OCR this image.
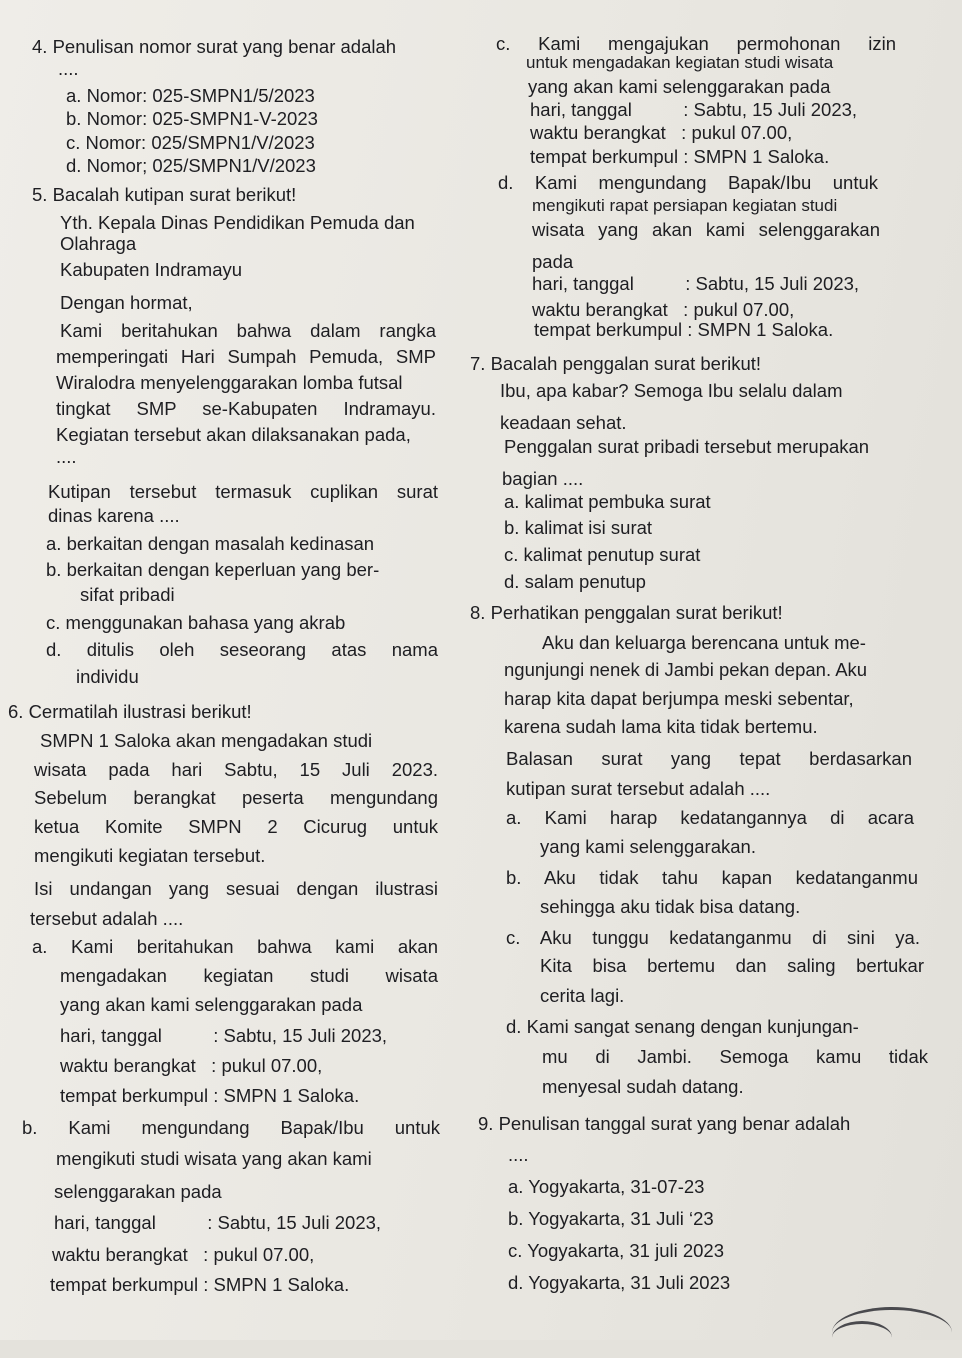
4. Penulisan nomor surat yang benar adalah
....
a. Nomor: 025-SMPN1/5/2023
b. Nomor: 025-SMPN1-V-2023
c. Nomor: 025/SMPN1/V/2023
d. Nomor; 025/SMPN1/V/2023
5. Bacalah kutipan surat berikut!
Yth. Kepala Dinas Pendidikan Pemuda dan
Olahraga
Kabupaten Indramayu
Dengan hormat,
Kami beritahukan bahwa dalam rangka
memperingati Hari Sumpah Pemuda, SMP
Wiralodra menyelenggarakan lomba futsal
tingkat SMP se-Kabupaten Indramayu.
Kegiatan tersebut akan dilaksanakan pada,
....
Kutipan tersebut termasuk cuplikan surat
dinas karena ....
a. berkaitan dengan masalah kedinasan
b. berkaitan dengan keperluan yang ber-
sifat pribadi
c. menggunakan bahasa yang akrab
d. ditulis oleh seseorang atas nama
individu
6. Cermatilah ilustrasi berikut!
SMPN 1 Saloka akan mengadakan studi
wisata pada hari Sabtu, 15 Juli 2023.
Sebelum berangkat peserta mengundang
ketua Komite SMPN 2 Cicurug untuk
mengikuti kegiatan tersebut.
Isi undangan yang sesuai dengan ilustrasi
tersebut adalah ....
a. Kami beritahukan bahwa kami akan
mengadakan kegiatan studi wisata
yang akan kami selenggarakan pada
hari, tanggal          : Sabtu, 15 Juli 2023,
waktu berangkat   : pukul 07.00,
tempat berkumpul : SMPN 1 Saloka.
b. Kami mengundang Bapak/Ibu untuk
mengikuti studi wisata yang akan kami
selenggarakan pada
hari, tanggal          : Sabtu, 15 Juli 2023,
waktu berangkat   : pukul 07.00,
tempat berkumpul : SMPN 1 Saloka.
c. Kami mengajukan permohonan izin
untuk mengadakan kegiatan studi wisata
yang akan kami selenggarakan pada
hari, tanggal          : Sabtu, 15 Juli 2023,
waktu berangkat   : pukul 07.00,
tempat berkumpul : SMPN 1 Saloka.
d. Kami mengundang Bapak/Ibu untuk
mengikuti rapat persiapan kegiatan studi
wisata yang akan kami selenggarakan
pada
hari, tanggal          : Sabtu, 15 Juli 2023,
waktu berangkat   : pukul 07.00,
tempat berkumpul : SMPN 1 Saloka.
7. Bacalah penggalan surat berikut!
Ibu, apa kabar? Semoga Ibu selalu dalam
keadaan sehat.
Penggalan surat pribadi tersebut merupakan
bagian ....
a. kalimat pembuka surat
b. kalimat isi surat
c. kalimat penutup surat
d. salam penutup
8. Perhatikan penggalan surat berikut!
Aku dan keluarga berencana untuk me-
ngunjungi nenek di Jambi pekan depan. Aku
harap kita dapat berjumpa meski sebentar,
karena sudah lama kita tidak bertemu.
Balasan surat yang tepat berdasarkan
kutipan surat tersebut adalah ....
a. Kami harap kedatangannya di acara
yang kami selenggarakan.
b. Aku tidak tahu kapan kedatanganmu
sehingga aku tidak bisa datang.
c. Aku tunggu kedatanganmu di sini ya.
Kita bisa bertemu dan saling bertukar
cerita lagi.
d. Kami sangat senang dengan kunjungan-
mu di Jambi. Semoga kamu tidak
menyesal sudah datang.
9. Penulisan tanggal surat yang benar adalah
....
a. Yogyakarta, 31-07-23
b. Yogyakarta, 31 Juli ‘23
c. Yogyakarta, 31 juli 2023
d. Yogyakarta, 31 Juli 2023
